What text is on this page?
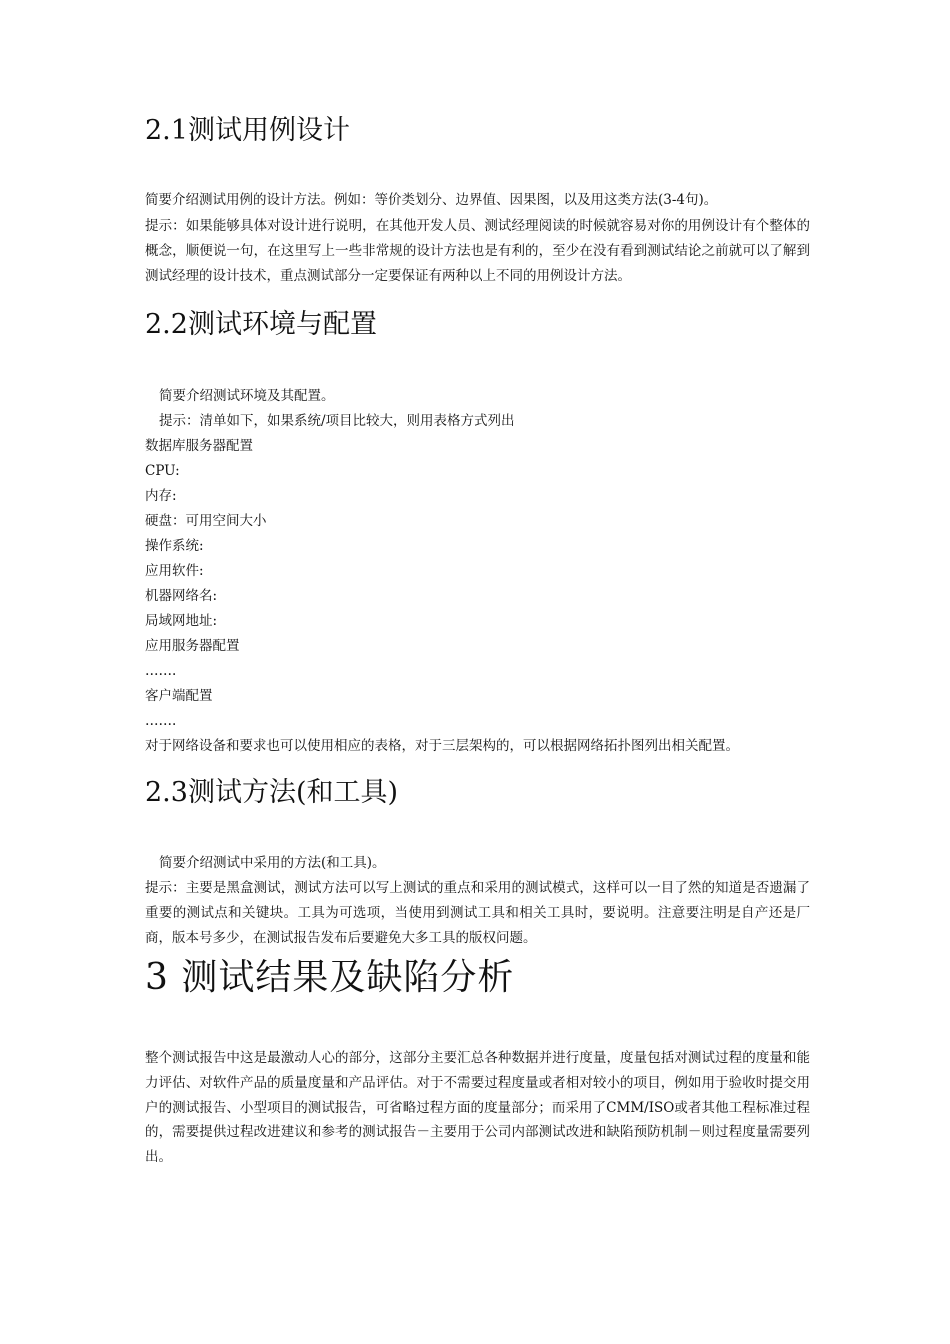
2.1测试用例设计
简要介绍测试用例的设计方法。例如：等价类划分、边界值、因果图，以及用这类方法(3-4句)。
提示：如果能够具体对设计进行说明，在其他开发人员、测试经理阅读的时候就容易对你的用例设计有个整体的概念，顺便说一句，在这里写上一些非常规的设计方法也是有利的，至少在没有看到测试结论之前就可以了解到测试经理的设计技术，重点测试部分一定要保证有两种以上不同的用例设计方法。
2.2测试环境与配置
简要介绍测试环境及其配置。
提示：清单如下，如果系统/项目比较大，则用表格方式列出
数据库服务器配置
CPU:
内存:
硬盘：可用空间大小
操作系统:
应用软件:
机器网络名:
局域网地址:
应用服务器配置
…….
客户端配置
…….
对于网络设备和要求也可以使用相应的表格，对于三层架构的，可以根据网络拓扑图列出相关配置。
2.3测试方法(和工具)
简要介绍测试中采用的方法(和工具)。
提示：主要是黑盒测试，测试方法可以写上测试的重点和采用的测试模式，这样可以一目了然的知道是否遗漏了重要的测试点和关键块。工具为可选项，当使用到测试工具和相关工具时，要说明。注意要注明是自产还是厂商，版本号多少，在测试报告发布后要避免大多工具的版权问题。
3 测试结果及缺陷分析
整个测试报告中这是最激动人心的部分，这部分主要汇总各种数据并进行度量，度量包括对测试过程的度量和能力评估、对软件产品的质量度量和产品评估。对于不需要过程度量或者相对较小的项目，例如用于验收时提交用户的测试报告、小型项目的测试报告，可省略过程方面的度量部分；而采用了CMM/ISO或者其他工程标准过程的，需要提供过程改进建议和参考的测试报告－主要用于公司内部测试改进和缺陷预防机制－则过程度量需要列出。
